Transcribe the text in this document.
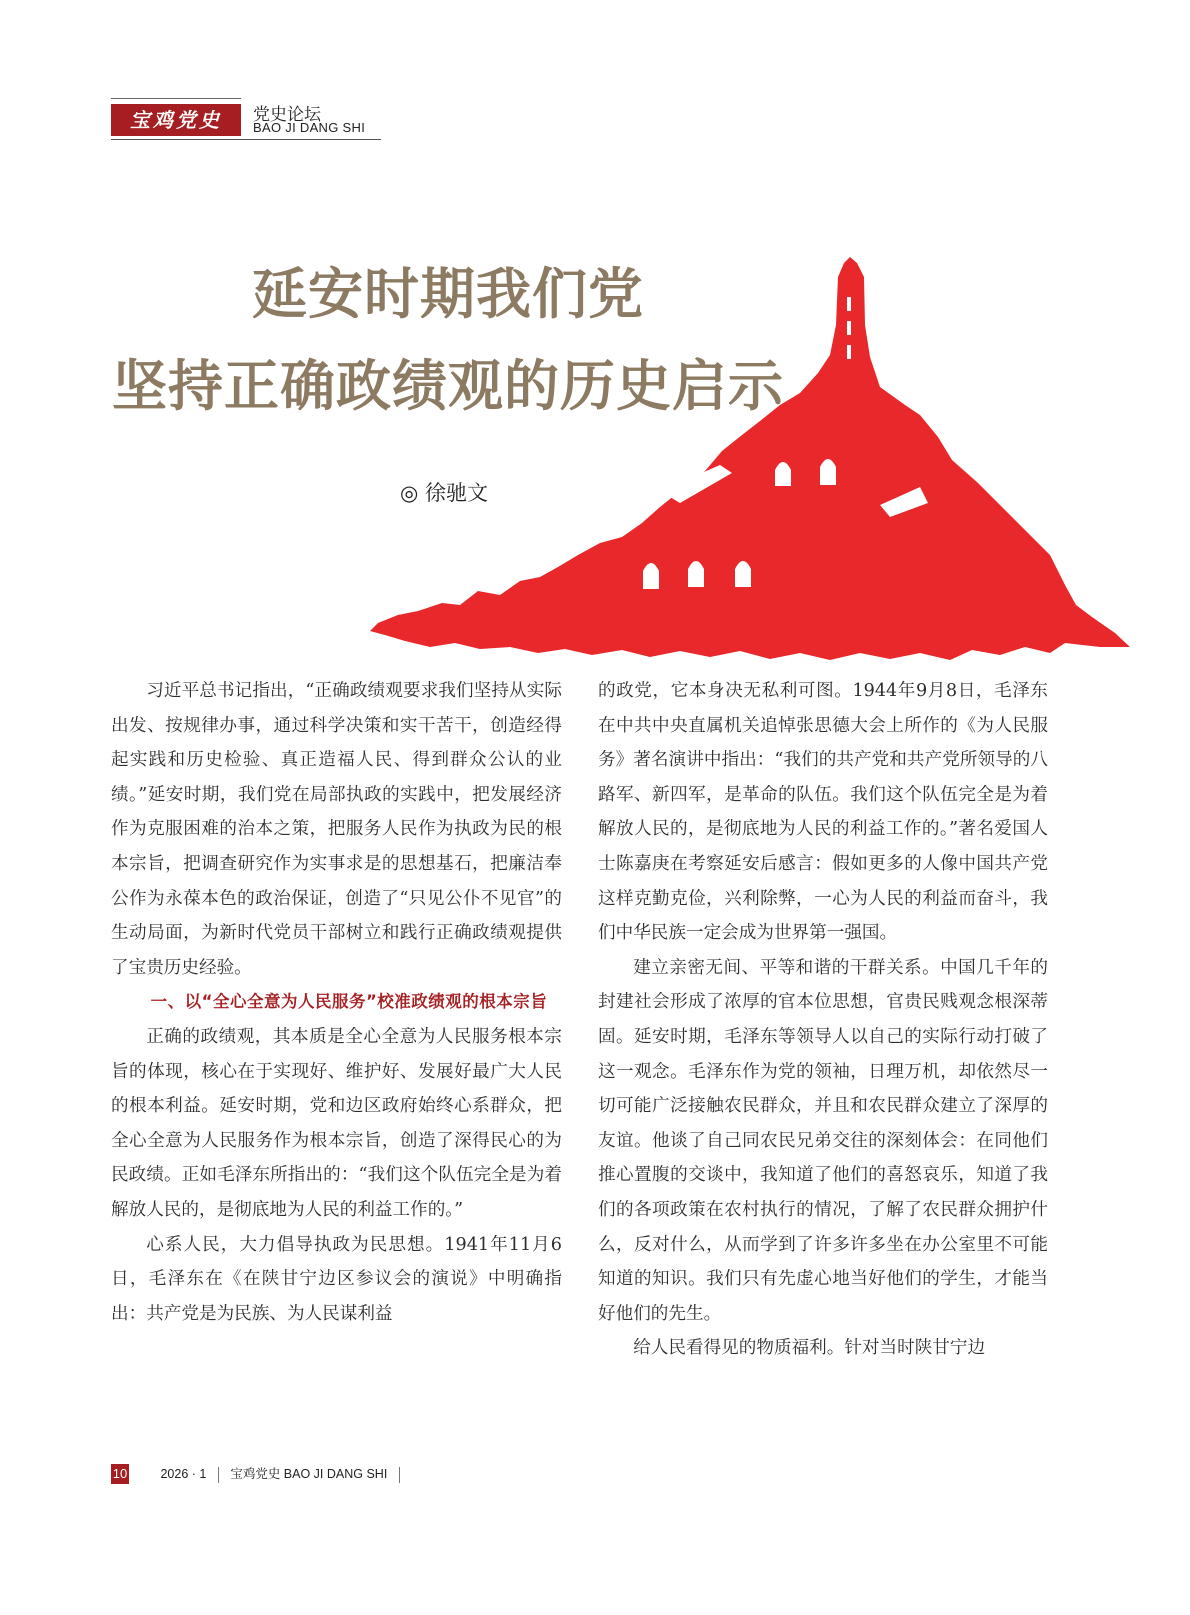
宝鸡党史	党史论坛
BAO JI DANG SHI
延安时期我们党
坚持正确政绩观的历史启示
◎ 徐驰文

习近平总书记指出，“正确政绩观要求我们坚持从实际出发、按规律办事，通过科学决策和实干苦干，创造经得起实践和历史检验、真正造福人民、得到群众公认的业绩。”延安时期，我们党在局部执政的实践中，把发展经济作为克服困难的治本之策，把服务人民作为执政为民的根本宗旨，把调查研究作为实事求是的思想基石，把廉洁奉公作为永葆本色的政治保证，创造了“只见公仆不见官”的生动局面，为新时代党员干部树立和践行正确政绩观提供了宝贵历史经验。

一、以“全心全意为人民服务”校准政绩观的根本宗旨

正确的政绩观，其本质是全心全意为人民服务根本宗旨的体现，核心在于实现好、维护好、发展好最广大人民的根本利益。延安时期，党和边区政府始终心系群众，把全心全意为人民服务作为根本宗旨，创造了深得民心的为民政绩。正如毛泽东所指出的：“我们这个队伍完全是为着解放人民的，是彻底地为人民的利益工作的。”

心系人民，大力倡导执政为民思想。1941年11月6日，毛泽东在《在陕甘宁边区参议会的演说》中明确指出：共产党是为民族、为人民谋利益

的政党，它本身决无私利可图。1944年9月8日，毛泽东在中共中央直属机关追悼张思德大会上所作的《为人民服务》著名演讲中指出：“我们的共产党和共产党所领导的八路军、新四军，是革命的队伍。我们这个队伍完全是为着解放人民的，是彻底地为人民的利益工作的。”著名爱国人士陈嘉庚在考察延安后感言：假如更多的人像中国共产党这样克勤克俭，兴利除弊，一心为人民的利益而奋斗，我们中华民族一定会成为世界第一强国。

建立亲密无间、平等和谐的干群关系。中国几千年的封建社会形成了浓厚的官本位思想，官贵民贱观念根深蒂固。延安时期，毛泽东等领导人以自己的实际行动打破了这一观念。毛泽东作为党的领袖，日理万机，却依然尽一切可能广泛接触农民群众，并且和农民群众建立了深厚的友谊。他谈了自己同农民兄弟交往的深刻体会：在同他们推心置腹的交谈中，我知道了他们的喜怒哀乐，知道了我们的各项政策在农村执行的情况，了解了农民群众拥护什么，反对什么，从而学到了许多许多坐在办公室里不可能知道的知识。我们只有先虚心地当好他们的学生，才能当好他们的先生。

给人民看得见的物质福利。针对当时陕甘宁边

10	2026 · 1 宝鸡党史 BAO JI DANG SHI
